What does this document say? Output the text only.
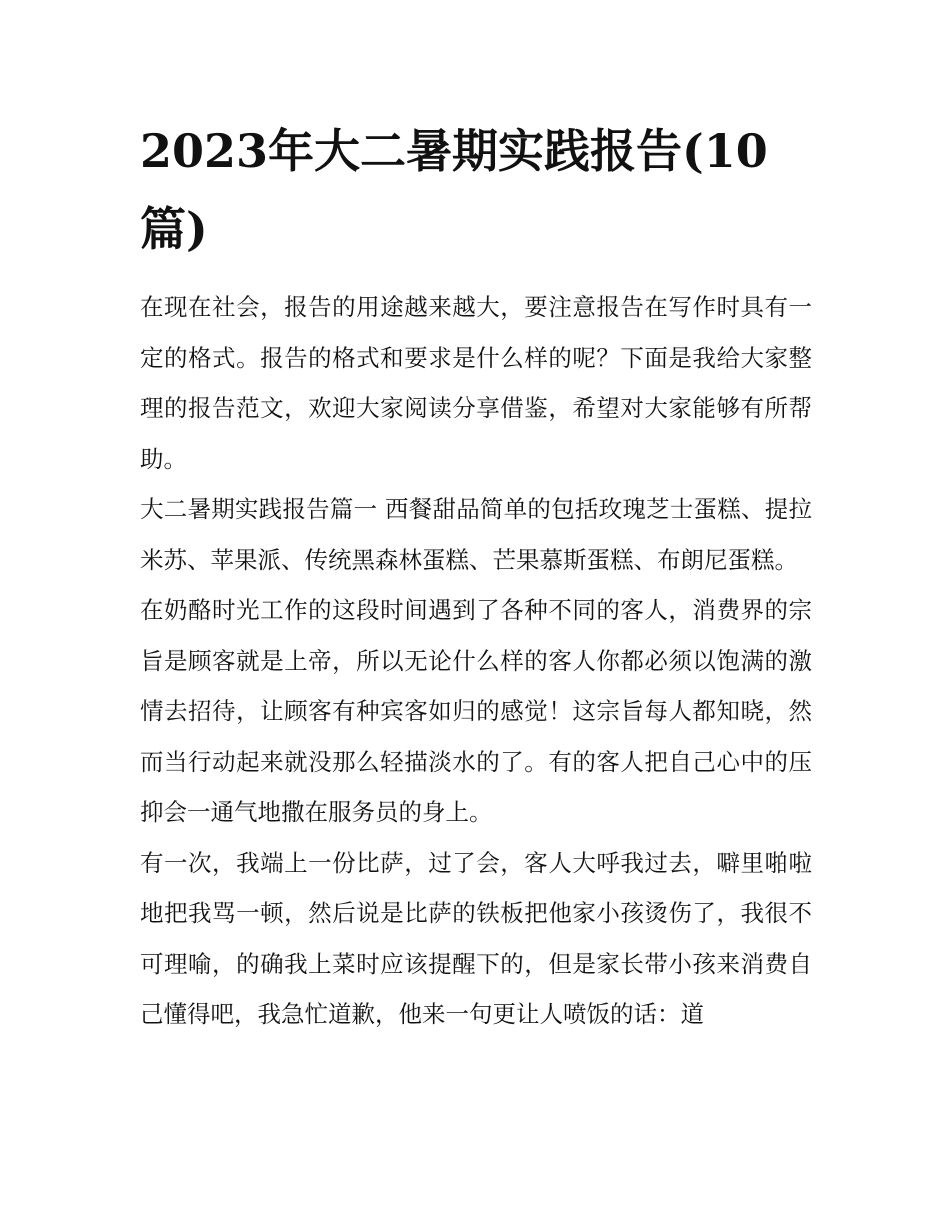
2023年大二暑期实践报告(10篇)

在现在社会，报告的用途越来越大，要注意报告在写作时具有一定的格式。报告的格式和要求是什么样的呢？下面是我给大家整理的报告范文，欢迎大家阅读分享借鉴，希望对大家能够有所帮助。

大二暑期实践报告篇一 西餐甜品简单的包括玫瑰芝士蛋糕、提拉米苏、苹果派、传统黑森林蛋糕、芒果慕斯蛋糕、布朗尼蛋糕。

在奶酪时光工作的这段时间遇到了各种不同的客人，消费界的宗旨是顾客就是上帝，所以无论什么样的客人你都必须以饱满的激情去招待，让顾客有种宾客如归的感觉！这宗旨每人都知晓，然而当行动起来就没那么轻描淡水的了。有的客人把自己心中的压抑会一通气地撒在服务员的身上。

有一次，我端上一份比萨，过了会，客人大呼我过去，噼里啪啦地把我骂一顿，然后说是比萨的铁板把他家小孩烫伤了，我很不可理喻，的确我上菜时应该提醒下的，但是家长带小孩来消费自己懂得吧，我急忙道歉，他来一句更让人喷饭的话：道
